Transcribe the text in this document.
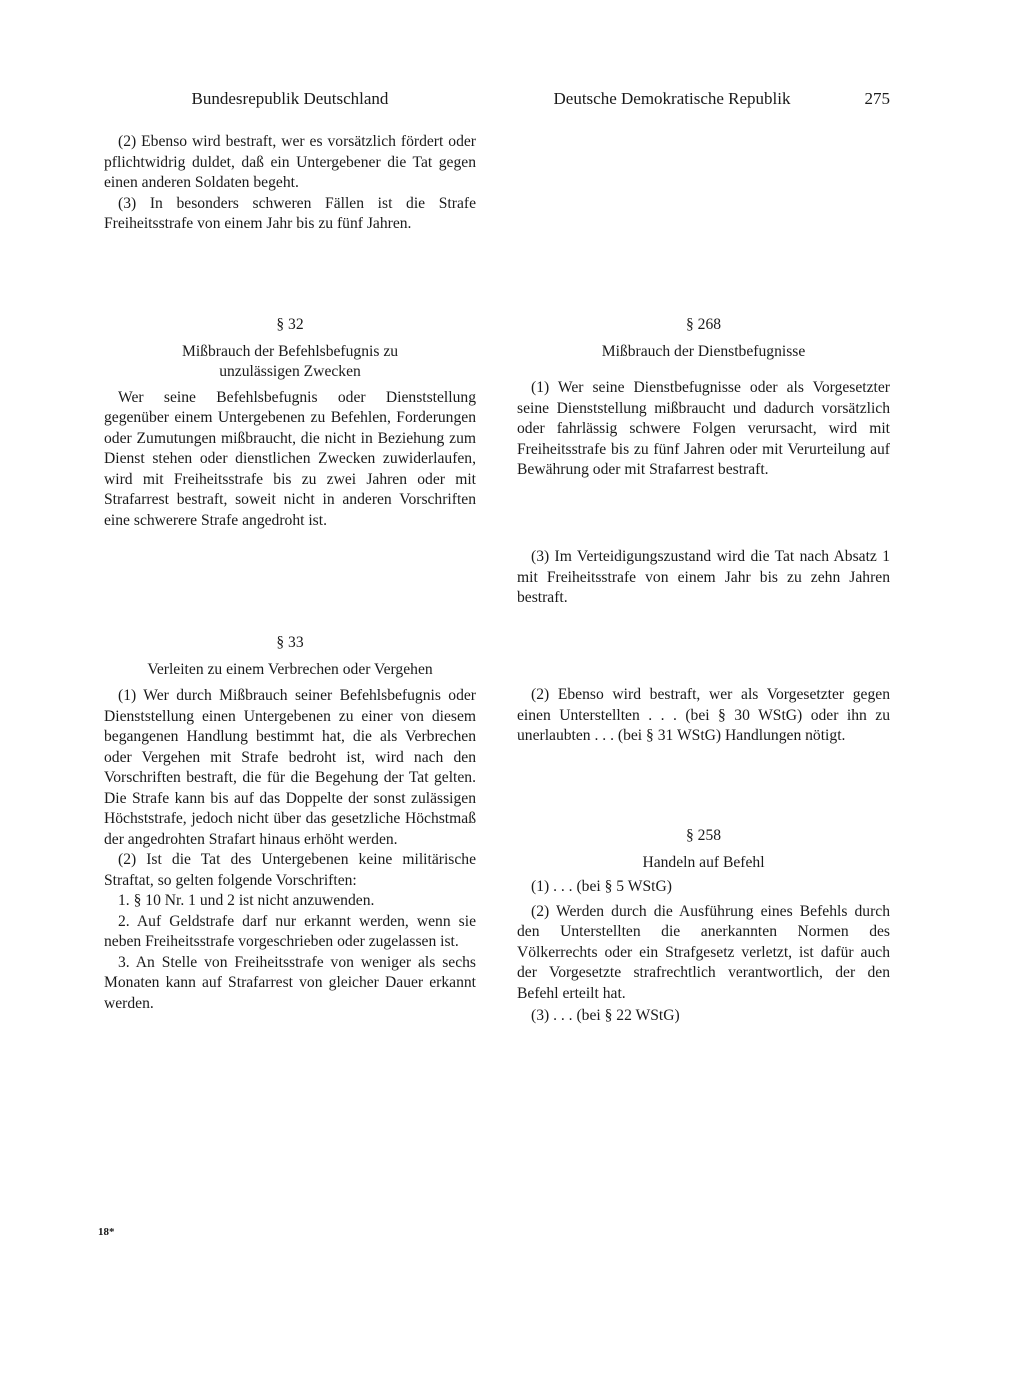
Bundesrepublik Deutschland	Deutsche Demokratische Republik	275

(2) Ebenso wird bestraft, wer es vorsätzlich fördert oder pflichtwidrig duldet, daß ein Untergebener die Tat gegen einen anderen Soldaten begeht.

(3) In besonders schweren Fällen ist die Strafe Freiheitsstrafe von einem Jahr bis zu fünf Jahren.

§ 32

Mißbrauch der Befehlsbefugnis zu

unzulässigen Zwecken

Wer seine Befehlsbefugnis oder Dienststellung gegenüber einem Untergebenen zu Befehlen, Forderungen oder Zumutungen mißbraucht, die nicht in Beziehung zum Dienst stehen oder dienstlichen Zwecken zuwiderlaufen, wird mit Freiheitsstrafe bis zu zwei Jahren oder mit Strafarrest bestraft, soweit nicht in anderen Vorschriften eine schwerere Strafe angedroht ist.

§ 33

Verleiten zu einem Verbrechen oder Vergehen

(1) Wer durch Mißbrauch seiner Befehlsbefugnis oder Dienststellung einen Untergebenen zu einer von diesem begangenen Handlung bestimmt hat, die als Verbrechen oder Vergehen mit Strafe bedroht ist, wird nach den Vorschriften bestraft, die für die Begehung der Tat gelten. Die Strafe kann bis auf das Doppelte der sonst zulässigen Höchststrafe, jedoch nicht über das gesetzliche Höchstmaß der angedrohten Strafart hinaus erhöht werden.

(2) Ist die Tat des Untergebenen keine militärische Straftat, so gelten folgende Vorschriften:

1. § 10 Nr. 1 und 2 ist nicht anzuwenden.

2. Auf Geldstrafe darf nur erkannt werden, wenn sie neben Freiheitsstrafe vorgeschrieben oder zugelassen ist.

3. An Stelle von Freiheitsstrafe von weniger als sechs Monaten kann auf Strafarrest von gleicher Dauer erkannt werden.

§ 268

Mißbrauch der Dienstbefugnisse

(1) Wer seine Dienstbefugnisse oder als Vorgesetzter seine Dienststellung mißbraucht und dadurch vorsätzlich oder fahrlässig schwere Folgen verursacht, wird mit Freiheitsstrafe bis zu fünf Jahren oder mit Verurteilung auf Bewährung oder mit Strafarrest bestraft.

(3) Im Verteidigungszustand wird die Tat nach Absatz 1 mit Freiheitsstrafe von einem Jahr bis zu zehn Jahren bestraft.

(2) Ebenso wird bestraft, wer als Vorgesetzter gegen einen Unterstellten . . . (bei § 30 WStG) oder ihn zu unerlaubten . . . (bei § 31 WStG) Handlungen nötigt.

§ 258

Handeln auf Befehl

(1) . . . (bei § 5 WStG)

(2) Werden durch die Ausführung eines Befehls durch den Unterstellten die anerkannten Normen des Völkerrechts oder ein Strafgesetz verletzt, ist dafür auch der Vorgesetzte strafrechtlich verantwortlich, der den Befehl erteilt hat.

(3) . . . (bei § 22 WStG)

18*
